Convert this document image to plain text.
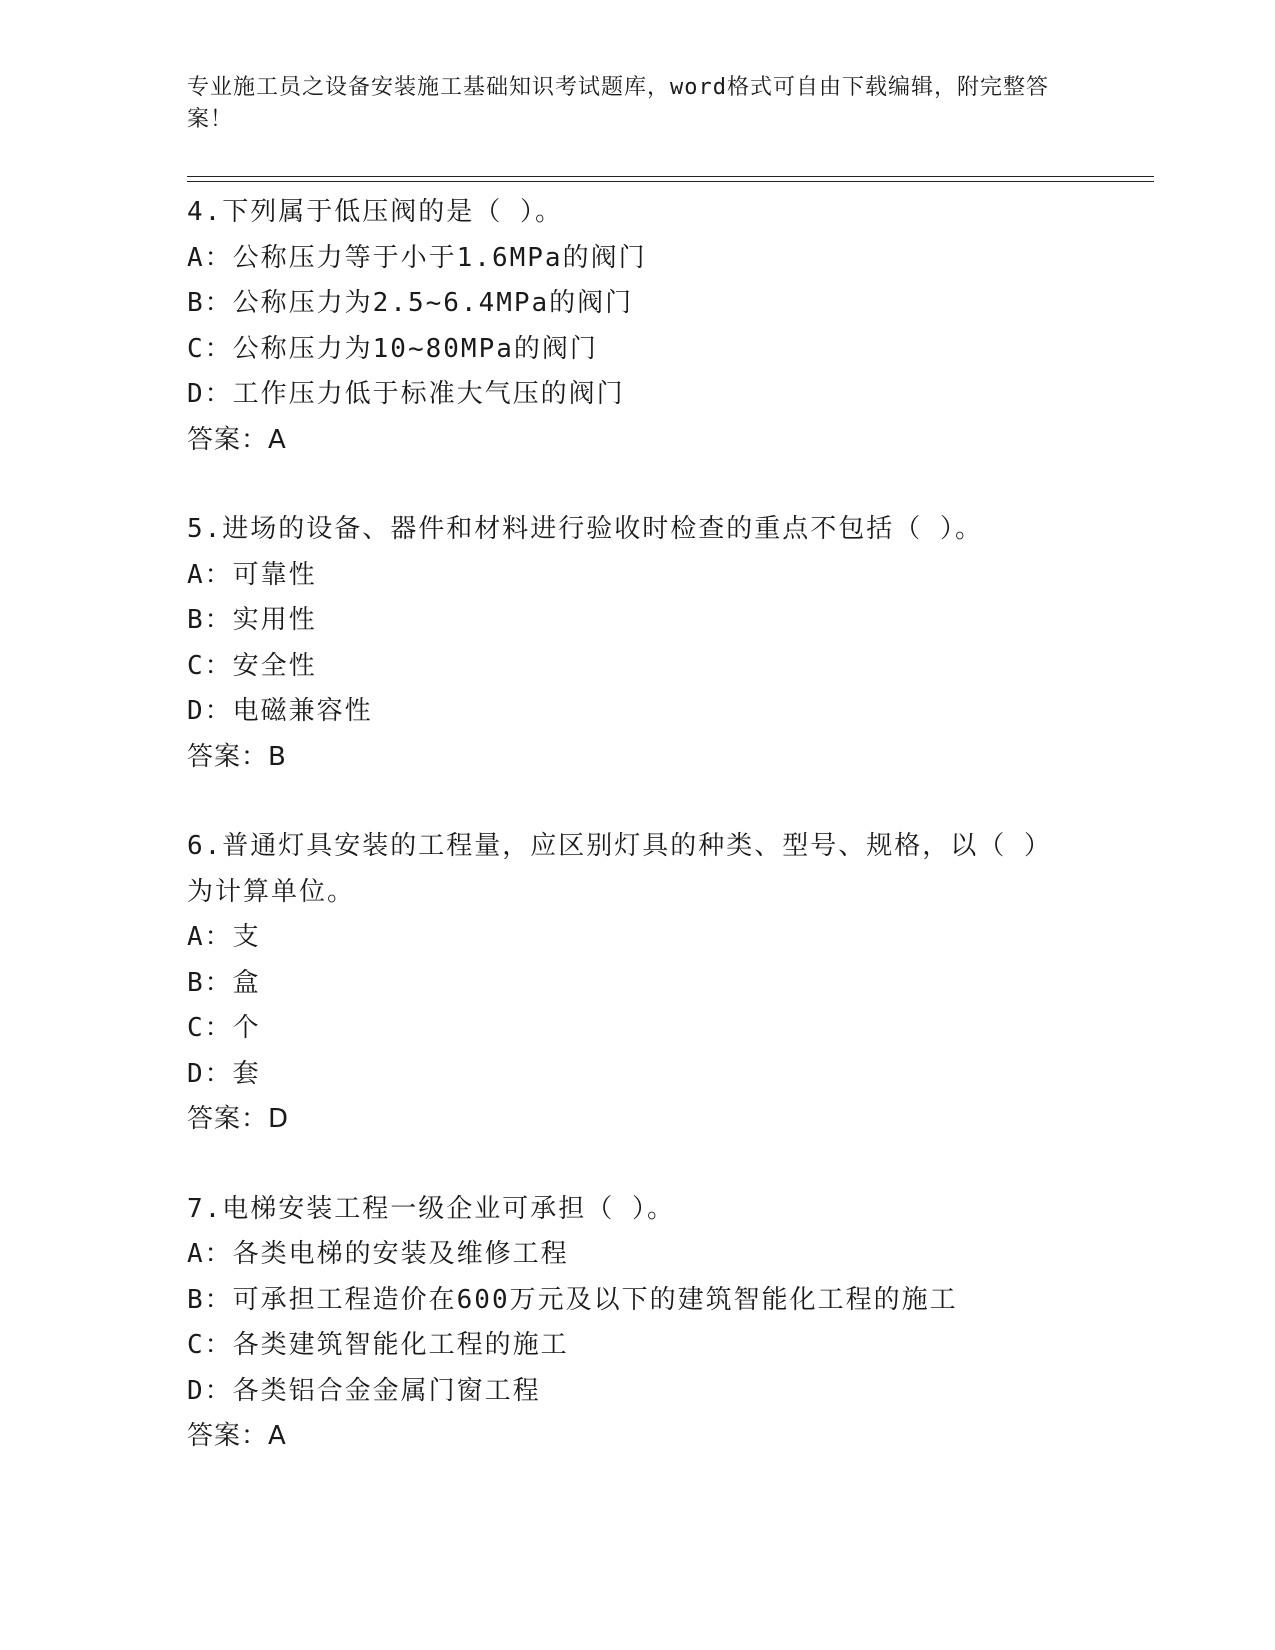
专业施工员之设备安装施工基础知识考试题库，word格式可自由下载编辑，附完整答案！
4.下列属于低压阀的是（ ）。
A：公称压力等于小于1.6MPa的阀门
B：公称压力为2.5~6.4MPa的阀门
C：公称压力为10~80MPa的阀门
D：工作压力低于标准大气压的阀门
答案：A
5.进场的设备、器件和材料进行验收时检查的重点不包括（ ）。
A：可靠性
B：实用性
C：安全性
D：电磁兼容性
答案：B
6.普通灯具安装的工程量，应区别灯具的种类、型号、规格，以（ ）为计算单位。
A：支
B：盒
C：个
D：套
答案：D
7.电梯安装工程一级企业可承担（ ）。
A：各类电梯的安装及维修工程
B：可承担工程造价在600万元及以下的建筑智能化工程的施工
C：各类建筑智能化工程的施工
D：各类铝合金金属门窗工程
答案：A
